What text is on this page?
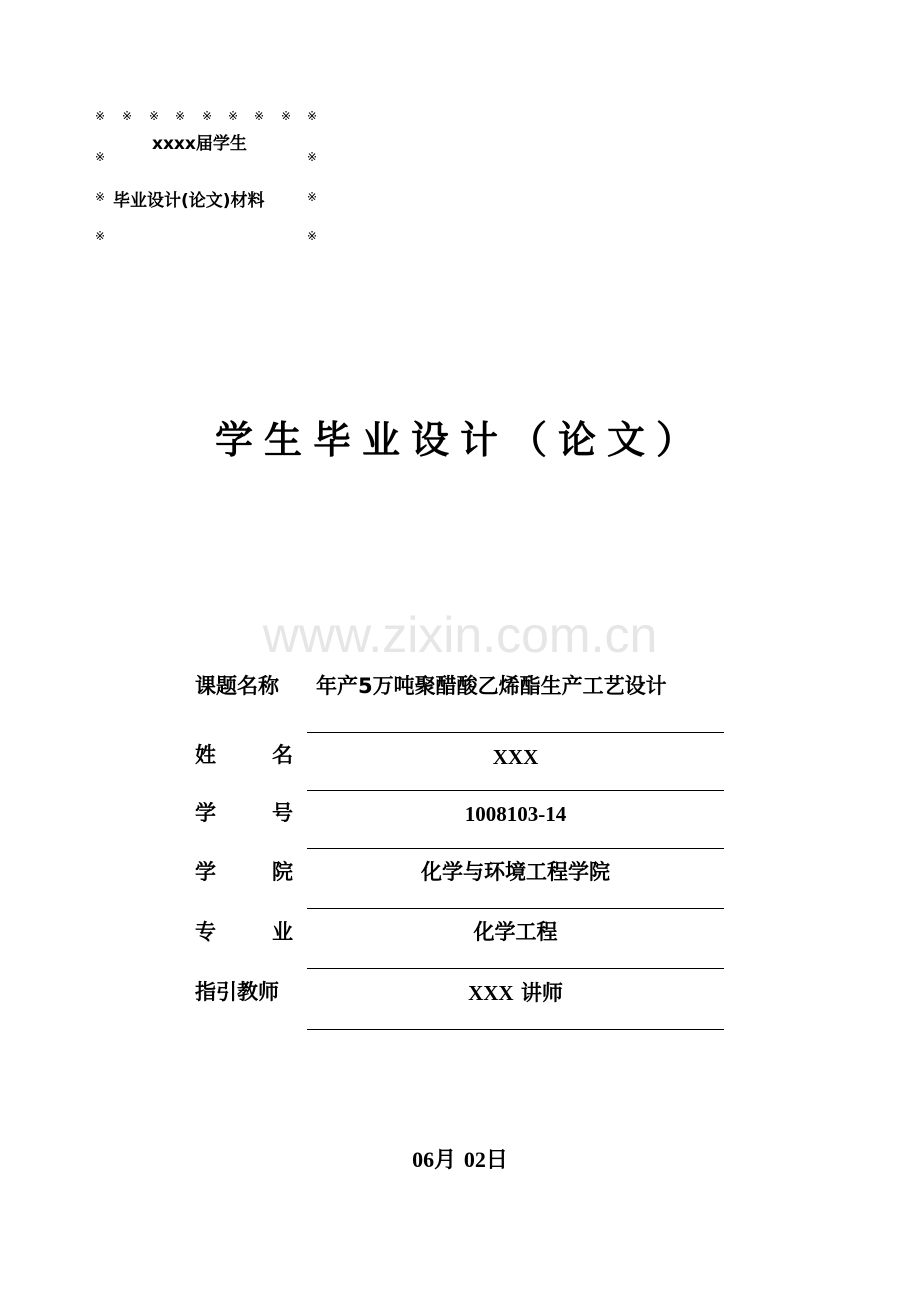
※ ※ ※ ※ ※ ※ ※ ※ ※
※	※
※	※
※	※
xxxx届学生
毕业设计(论文)材料
学生毕业设计（论文）
www.zixin.com.cn
课题名称	年产5万吨聚醋酸乙烯酯生产工艺设计
姓	名	XXX
学	号	1008103-14
学	院	化学与环境工程学院
专	业	化学工程
指引教师	XXX 讲师
06月 02日
